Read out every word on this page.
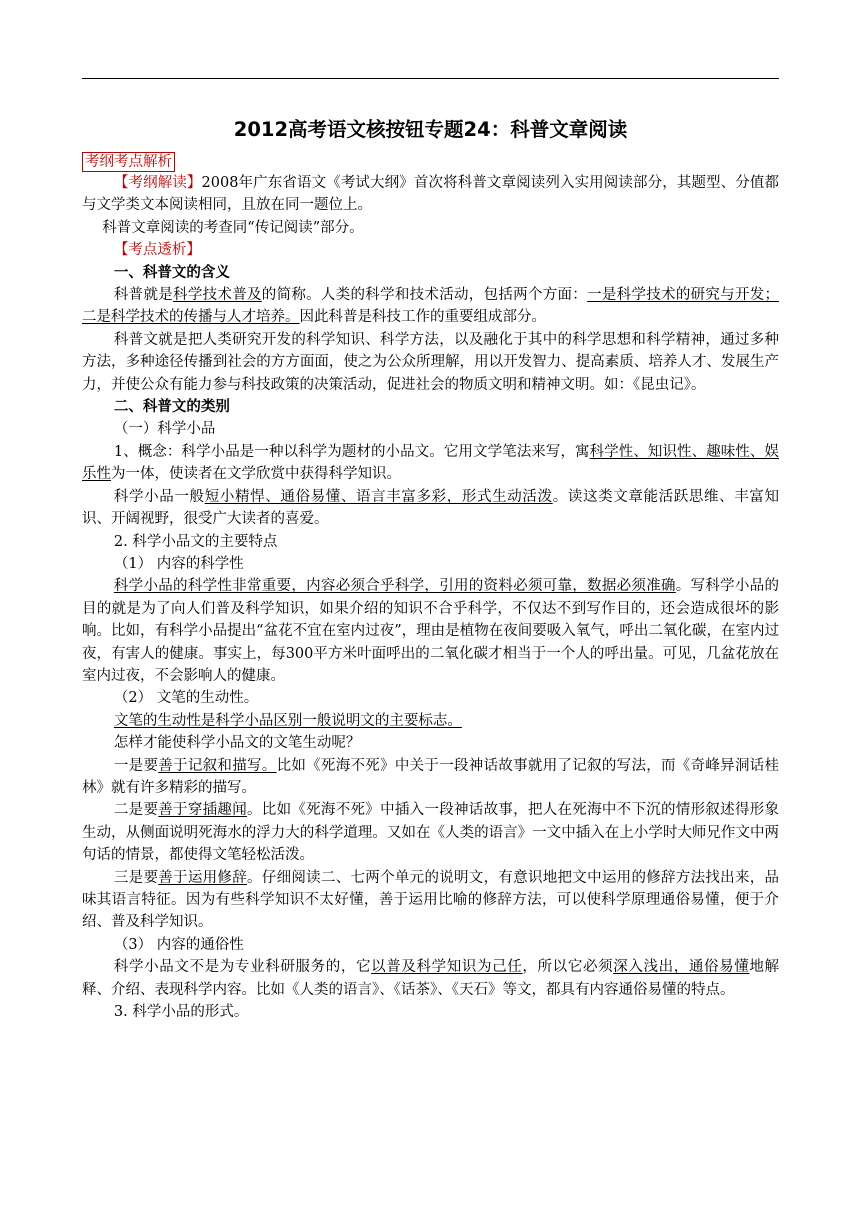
2012高考语文核按钮专题24：科普文章阅读
考纲考点解析

【考纲解读】2008年广东省语文《考试大纲》首次将科普文章阅读列入实用阅读部分，其题型、分值都与文学类文本阅读相同，且放在同一题位上。

科普文章阅读的考查同“传记阅读”部分。

【考点透析】

一、科普文的含义

科普就是科学技术普及的简称。人类的科学和技术活动，包括两个方面：一是科学技术的研究与开发；二是科学技术的传播与人才培养。因此科普是科技工作的重要组成部分。

科普文就是把人类研究开发的科学知识、科学方法，以及融化于其中的科学思想和科学精神，通过多种方法，多种途径传播到社会的方方面面，使之为公众所理解，用以开发智力、提高素质、培养人才、发展生产力，并使公众有能力参与科技政策的决策活动，促进社会的物质文明和精神文明。如：《昆虫记》。

二、科普文的类别

（一）科学小品

1、概念：科学小品是一种以科学为题材的小品文。它用文学笔法来写，寓科学性、知识性、趣味性、娱乐性为一体，使读者在文学欣赏中获得科学知识。

科学小品一般短小精悍、通俗易懂、语言丰富多彩，形式生动活泼。读这类文章能活跃思维、丰富知识、开阔视野，很受广大读者的喜爱。

2. 科学小品文的主要特点

（1） 内容的科学性

科学小品的科学性非常重要，内容必须合乎科学，引用的资料必须可靠，数据必须准确。写科学小品的目的就是为了向人们普及科学知识，如果介绍的知识不合乎科学，不仅达不到写作目的，还会造成很坏的影响。比如，有科学小品提出“盆花不宜在室内过夜”，理由是植物在夜间要吸入氧气，呼出二氧化碳，在室内过夜，有害人的健康。事实上，每300平方米叶面呼出的二氧化碳才相当于一个人的呼出量。可见，几盆花放在室内过夜，不会影响人的健康。

（2） 文笔的生动性。

文笔的生动性是科学小品区别一般说明文的主要标志。

怎样才能使科学小品文的文笔生动呢？

一是要善于记叙和描写。比如《死海不死》中关于一段神话故事就用了记叙的写法，而《奇峰异洞话桂林》就有许多精彩的描写。

二是要善于穿插趣闻。比如《死海不死》中插入一段神话故事，把人在死海中不下沉的情形叙述得形象生动，从侧面说明死海水的浮力大的科学道理。又如在《人类的语言》一文中插入在上小学时大师兄作文中两句话的情景，都使得文笔轻松活泼。

三是要善于运用修辞。仔细阅读二、七两个单元的说明文，有意识地把文中运用的修辞方法找出来，品味其语言特征。因为有些科学知识不太好懂，善于运用比喻的修辞方法，可以使科学原理通俗易懂，便于介绍、普及科学知识。

（3） 内容的通俗性

科学小品文不是为专业科研服务的，它以普及科学知识为己任，所以它必须深入浅出，通俗易懂地解释、介绍、表现科学内容。比如《人类的语言》、《话茶》、《天石》等文，都具有内容通俗易懂的特点。

3. 科学小品的形式。
